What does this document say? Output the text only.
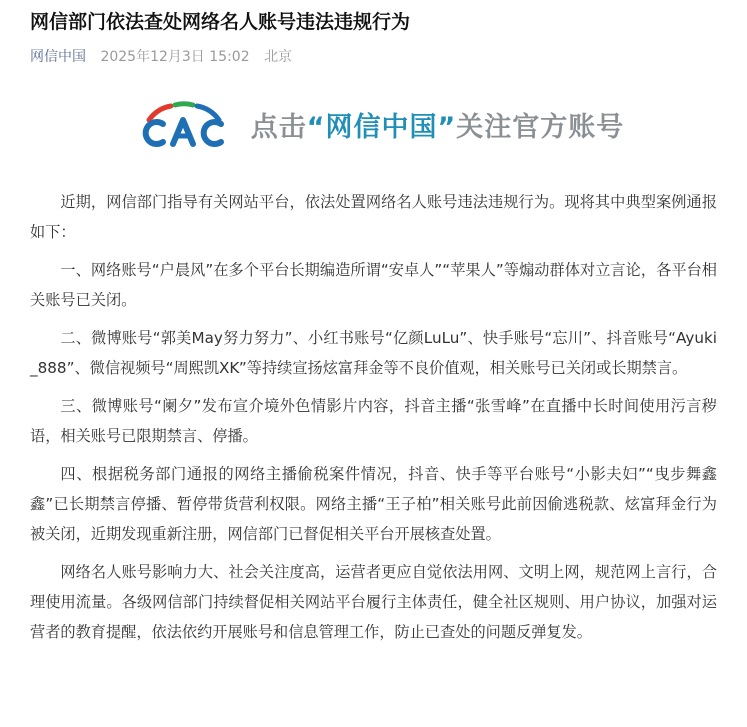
网信部门依法查处网络名人账号违法违规行为
网信中国 2025年12月3日 15:02 北京
点击“网信中国”关注官方账号

近期，网信部门指导有关网站平台，依法处置网络名人账号违法违规行为。现将其中典型案例通报如下：

一、网络账号“户晨风”在多个平台长期编造所谓“安卓人”“苹果人”等煽动群体对立言论，各平台相关账号已关闭。

二、微博账号“郭美May努力努力”、小红书账号“亿颜LuLu”、快手账号“忘川”、抖音账号“Ayuki_888”、微信视频号“周熙凯XK”等持续宣扬炫富拜金等不良价值观，相关账号已关闭或长期禁言。

三、微博账号“阑夕”发布宣介境外色情影片内容，抖音主播“张雪峰”在直播中长时间使用污言秽语，相关账号已限期禁言、停播。

四、根据税务部门通报的网络主播偷税案件情况，抖音、快手等平台账号“小影夫妇”“曳步舞鑫鑫”已长期禁言停播、暂停带货营利权限。网络主播“王子柏”相关账号此前因偷逃税款、炫富拜金行为被关闭，近期发现重新注册，网信部门已督促相关平台开展核查处置。

网络名人账号影响力大、社会关注度高，运营者更应自觉依法用网、文明上网，规范网上言行，合理使用流量。各级网信部门持续督促相关网站平台履行主体责任，健全社区规则、用户协议，加强对运营者的教育提醒，依法依约开展账号和信息管理工作，防止已查处的问题反弹复发。
